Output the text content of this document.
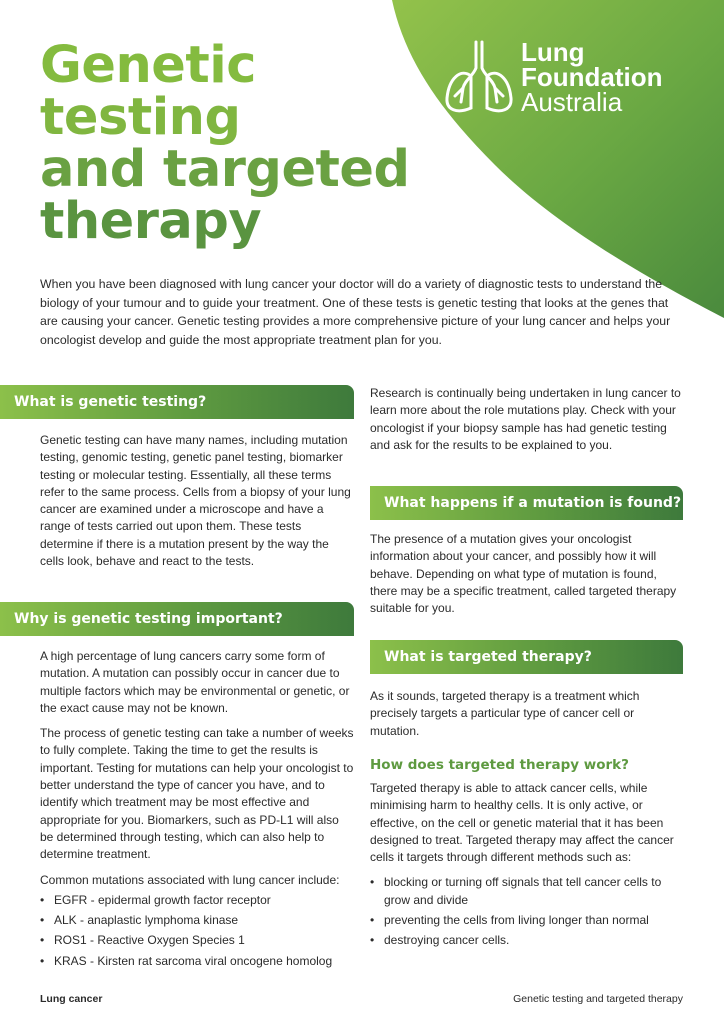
Lung
Foundation
Australia
Genetic
testing
and targeted
therapy

When you have been diagnosed with lung cancer your doctor will do a variety of diagnostic tests to understand the biology of your tumour and to guide your treatment. One of these tests is genetic testing that looks at the genes that are causing your cancer. Genetic testing provides a more comprehensive picture of your lung cancer and helps your oncologist develop and guide the most appropriate treatment plan for you.

What is genetic testing?

Genetic testing can have many names, including mutation testing, genomic testing, genetic panel testing, biomarker testing or molecular testing. Essentially, all these terms refer to the same process. Cells from a biopsy of your lung cancer are examined under a microscope and have a range of tests carried out upon them. These tests determine if there is a mutation present by the way the cells look, behave and react to the tests.

Why is genetic testing important?

A high percentage of lung cancers carry some form of mutation. A mutation can possibly occur in cancer due to multiple factors which may be environmental or genetic, or the exact cause may not be known.

The process of genetic testing can take a number of weeks to fully complete. Taking the time to get the results is important. Testing for mutations can help your oncologist to better understand the type of cancer you have, and to identify which treatment may be most effective and appropriate for you. Biomarkers, such as PD-L1 will also be determined through testing, which can also help to determine treatment.

Common mutations associated with lung cancer include:

• EGFR - epidermal growth factor receptor
• ALK - anaplastic lymphoma kinase
• ROS1 - Reactive Oxygen Species 1
• KRAS - Kirsten rat sarcoma viral oncogene homolog

Research is continually being undertaken in lung cancer to learn more about the role mutations play. Check with your oncologist if your biopsy sample has had genetic testing and ask for the results to be explained to you.

What happens if a mutation is found?

The presence of a mutation gives your oncologist information about your cancer, and possibly how it will behave. Depending on what type of mutation is found, there may be a specific treatment, called targeted therapy suitable for you.

What is targeted therapy?

As it sounds, targeted therapy is a treatment which precisely targets a particular type of cancer cell or mutation.

How does targeted therapy work?

Targeted therapy is able to attack cancer cells, while minimising harm to healthy cells. It is only active, or effective, on the cell or genetic material that it has been designed to treat. Targeted therapy may affect the cancer cells it targets through different methods such as:

• blocking or turning off signals that tell cancer cells to grow and divide
• preventing the cells from living longer than normal
• destroying cancer cells.
Lung cancer	Genetic testing and targeted therapy
